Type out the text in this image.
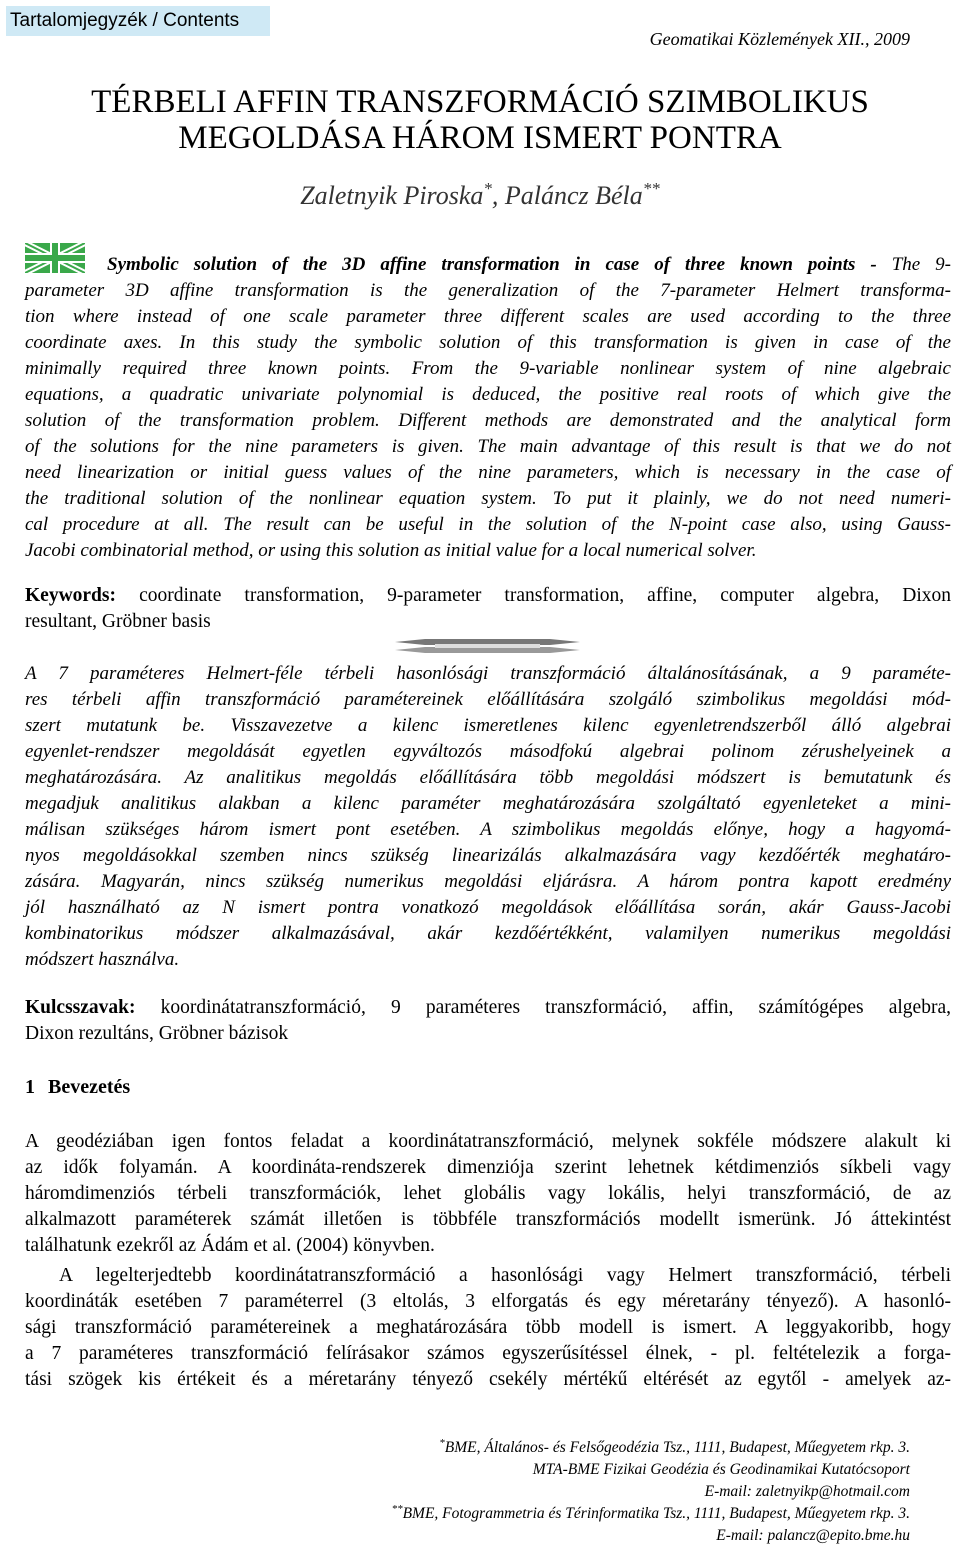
Tartalomjegyzék / Contents
Geomatikai Közlemények XII., 2009
TÉRBELI AFFIN TRANSZFORMÁCIÓ SZIMBOLIKUS
MEGOLDÁSA HÁROM ISMERT PONTRA
Zaletnyik Piroska*, Paláncz Béla**
Symbolic solution of the 3D affine transformation in case of three known points - The 9-
parameter 3D affine transformation is the generalization of the 7-parameter Helmert transforma-
tion where instead of one scale parameter three different scales are used according to the three
coordinate axes. In this study the symbolic solution of this transformation is given in case of the
minimally required three known points. From the 9-variable nonlinear system of nine algebraic
equations, a quadratic univariate polynomial is deduced, the positive real roots of which give the
solution of the transformation problem. Different methods are demonstrated and the analytical form
of the solutions for the nine parameters is given. The main advantage of this result is that we do not
need linearization or initial guess values of the nine parameters, which is necessary in the case of
the traditional solution of the nonlinear equation system. To put it plainly, we do not need numeri-
cal procedure at all. The result can be useful in the solution of the N-point case also, using Gauss-
Jacobi combinatorial method, or using this solution as initial value for a local numerical solver.
Keywords: coordinate transformation, 9-parameter transformation, affine, computer algebra, Dixon
resultant, Gröbner basis
A 7 paraméteres Helmert-féle térbeli hasonlósági transzformáció általánosításának, a 9 paraméte-
res térbeli affin transzformáció paramétereinek előállítására szolgáló szimbolikus megoldási mód-
szert mutatunk be. Visszavezetve a kilenc ismeretlenes kilenc egyenletrendszerből álló algebrai
egyenlet-rendszer megoldását egyetlen egyváltozós másodfokú algebrai polinom zérushelyeinek a
meghatározására. Az analitikus megoldás előállítására több megoldási módszert is bemutatunk és
megadjuk analitikus alakban a kilenc paraméter meghatározására szolgáltató egyenleteket a mini-
málisan szükséges három ismert pont esetében. A szimbolikus megoldás előnye, hogy a hagyomá-
nyos megoldásokkal szemben nincs szükség linearizálás alkalmazására vagy kezdőérték meghatáro-
zására. Magyarán, nincs szükség numerikus megoldási eljárásra. A három pontra kapott eredmény
jól használható az N ismert pontra vonatkozó megoldások előállítása során, akár Gauss-Jacobi
kombinatorikus módszer alkalmazásával, akár kezdőértékként, valamilyen numerikus megoldási
módszert használva.
Kulcsszavak: koordinátatranszformáció, 9 paraméteres transzformáció, affin, számítógépes algebra,
Dixon rezultáns, Gröbner bázisok
1 Bevezetés
A geodéziában igen fontos feladat a koordinátatranszformáció, melynek sokféle módszere alakult ki
az idők folyamán. A koordináta-rendszerek dimenziója szerint lehetnek kétdimenziós síkbeli vagy
háromdimenziós térbeli transzformációk, lehet globális vagy lokális, helyi transzformáció, de az
alkalmazott paraméterek számát illetően is többféle transzformációs modellt ismerünk. Jó áttekintést
találhatunk ezekről az Ádám et al. (2004) könyvben.
A legelterjedtebb koordinátatranszformáció a hasonlósági vagy Helmert transzformáció, térbeli
koordináták esetében 7 paraméterrel (3 eltolás, 3 elforgatás és egy méretarány tényező). A hasonló-
sági transzformáció paramétereinek a meghatározására több modell is ismert. A leggyakoribb, hogy
a 7 paraméteres transzformáció felírásakor számos egyszerűsítéssel élnek, - pl. feltételezik a forga-
tási szögek kis értékeit és a méretarány tényező csekély mértékű eltérését az egytől - amelyek az-
*BME, Általános- és Felsőgeodézia Tsz., 1111, Budapest, Műegyetem rkp. 3.
MTA-BME Fizikai Geodézia és Geodinamikai Kutatócsoport
E-mail: zaletnyikp@hotmail.com
**BME, Fotogrammetria és Térinformatika Tsz., 1111, Budapest, Műegyetem rkp. 3.
E-mail: palancz@epito.bme.hu
